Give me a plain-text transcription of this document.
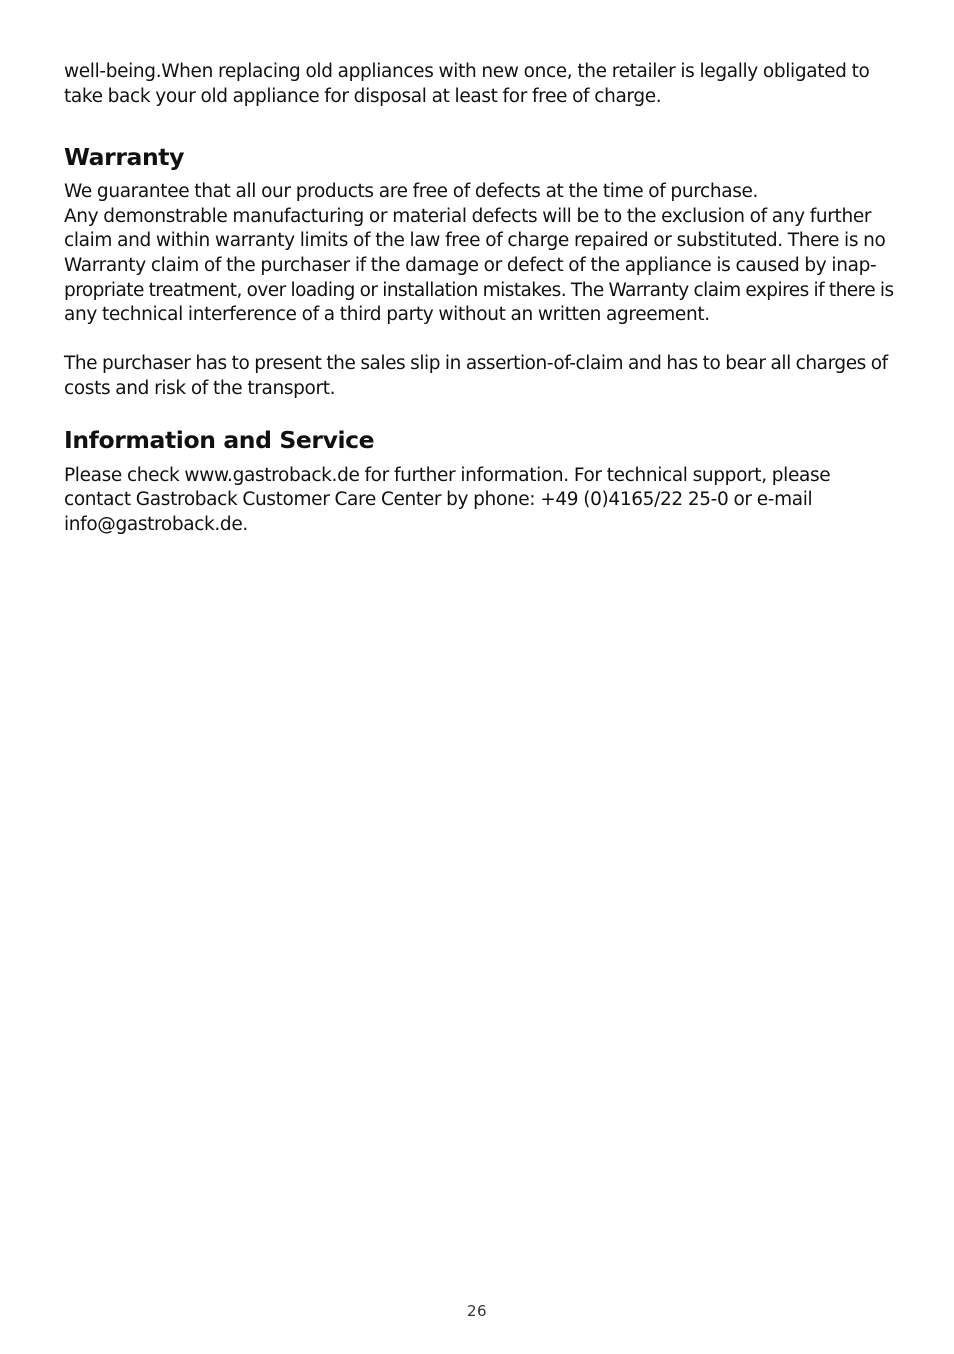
well-being.When replacing old appliances with new once, the retailer is legally obligated to
take back your old appliance for disposal at least for free of charge.

Warranty

We guarantee that all our products are free of defects at the time of purchase.
Any demonstrable manufacturing or material defects will be to the exclusion of any further
claim and within warranty limits of the law free of charge repaired or substituted. There is no
Warranty claim of the purchaser if the damage or defect of the appliance is caused by inap-
propriate treatment, over loading or installation mistakes. The Warranty claim expires if there is
any technical interference of a third party without an written agreement.

The purchaser has to present the sales slip in assertion-of-claim and has to bear all charges of
costs and risk of the transport.

Information and Service

Please check www.gastroback.de for further information. For technical support, please
contact Gastroback Customer Care Center by phone: +49 (0)4165/22 25-0 or e-mail
info@gastroback.de.

26
